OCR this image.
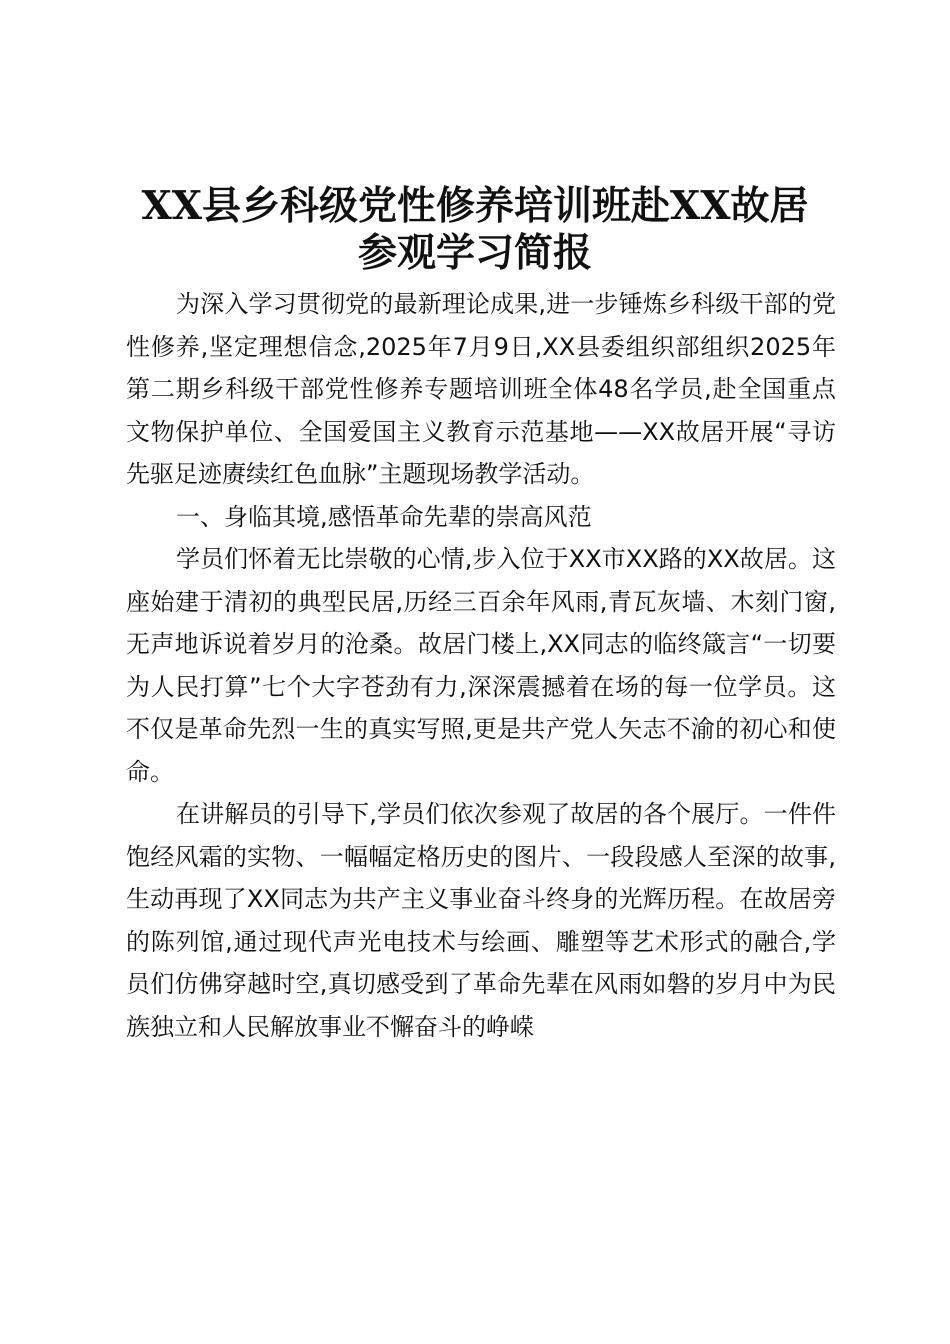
XX县乡科级党性修养培训班赴XX故居
参观学习简报

为深入学习贯彻党的最新理论成果,进一步锤炼乡科级干部的党性修养,坚定理想信念,2025年7月9日,XX县委组织部组织2025年第二期乡科级干部党性修养专题培训班全体48名学员,赴全国重点文物保护单位、全国爱国主义教育示范基地——XX故居开展“寻访先驱足迹赓续红色血脉”主题现场教学活动。

一、身临其境,感悟革命先辈的崇高风范

学员们怀着无比崇敬的心情,步入位于XX市XX路的XX故居。这座始建于清初的典型民居,历经三百余年风雨,青瓦灰墙、木刻门窗,无声地诉说着岁月的沧桑。故居门楼上,XX同志的临终箴言“一切要为人民打算”七个大字苍劲有力,深深震撼着在场的每一位学员。这不仅是革命先烈一生的真实写照,更是共产党人矢志不渝的初心和使命。

在讲解员的引导下,学员们依次参观了故居的各个展厅。一件件饱经风霜的实物、一幅幅定格历史的图片、一段段感人至深的故事,生动再现了XX同志为共产主义事业奋斗终身的光辉历程。在故居旁的陈列馆,通过现代声光电技术与绘画、雕塑等艺术形式的融合,学员们仿佛穿越时空,真切感受到了革命先辈在风雨如磐的岁月中为民族独立和人民解放事业不懈奋斗的峥嵘
